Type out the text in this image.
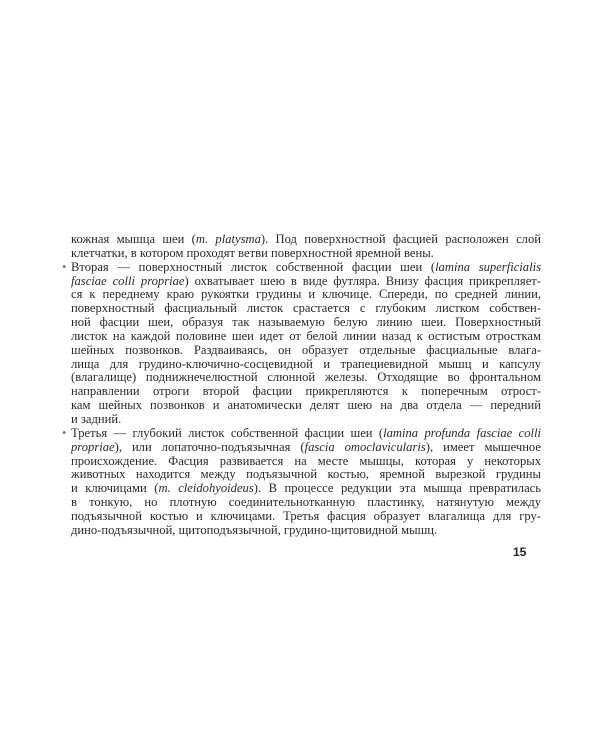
кожная мышца шеи (m. platysma). Под поверхностной фасцией расположен слой
клетчатки, в котором проходят ветви поверхностной яремной вены.
• Вторая — поверхностный листок собственной фасции шеи (lamina superficialis
fasciae colli propriae) охватывает шею в виде футляра. Внизу фасция прикрепляет-
ся к переднему краю рукоятки грудины и ключице. Спереди, по средней линии,
поверхностный фасциальный листок срастается с глубоким листком собствен-
ной фасции шеи, образуя так называемую белую линию шеи. Поверхностный
листок на каждой половине шеи идет от белой линии назад к остистым отросткам
шейных позвонков. Раздваиваясь, он образует отдельные фасциальные влага-
лища для грудино-ключично-сосцевидной и трапециевидной мышц и капсулу
(влагалище) поднижнечелюстной слюнной железы. Отходящие во фронтальном
направлении отроги второй фасции прикрепляются к поперечным отрост-
кам шейных позвонков и анатомически делят шею на два отдела — передний
и задний.
• Третья — глубокий листок собственной фасции шеи (lamina profunda fasciae colli
propriae), или лопаточно-подъязычная (fascia omoclavicularis), имеет мышечное
происхождение. Фасция развивается на месте мышцы, которая у некоторых
животных находится между подъязычной костью, яремной вырезкой грудины
и ключицами (m. cleidohyoideus). В процессе редукции эта мышца превратилась
в тонкую, но плотную соединительнотканную пластинку, натянутую между
подъязычной костью и ключицами. Третья фасция образует влагалища для гру-
дино-подъязычной, щитоподъязычной, грудино-щитовидной мышц.
15
